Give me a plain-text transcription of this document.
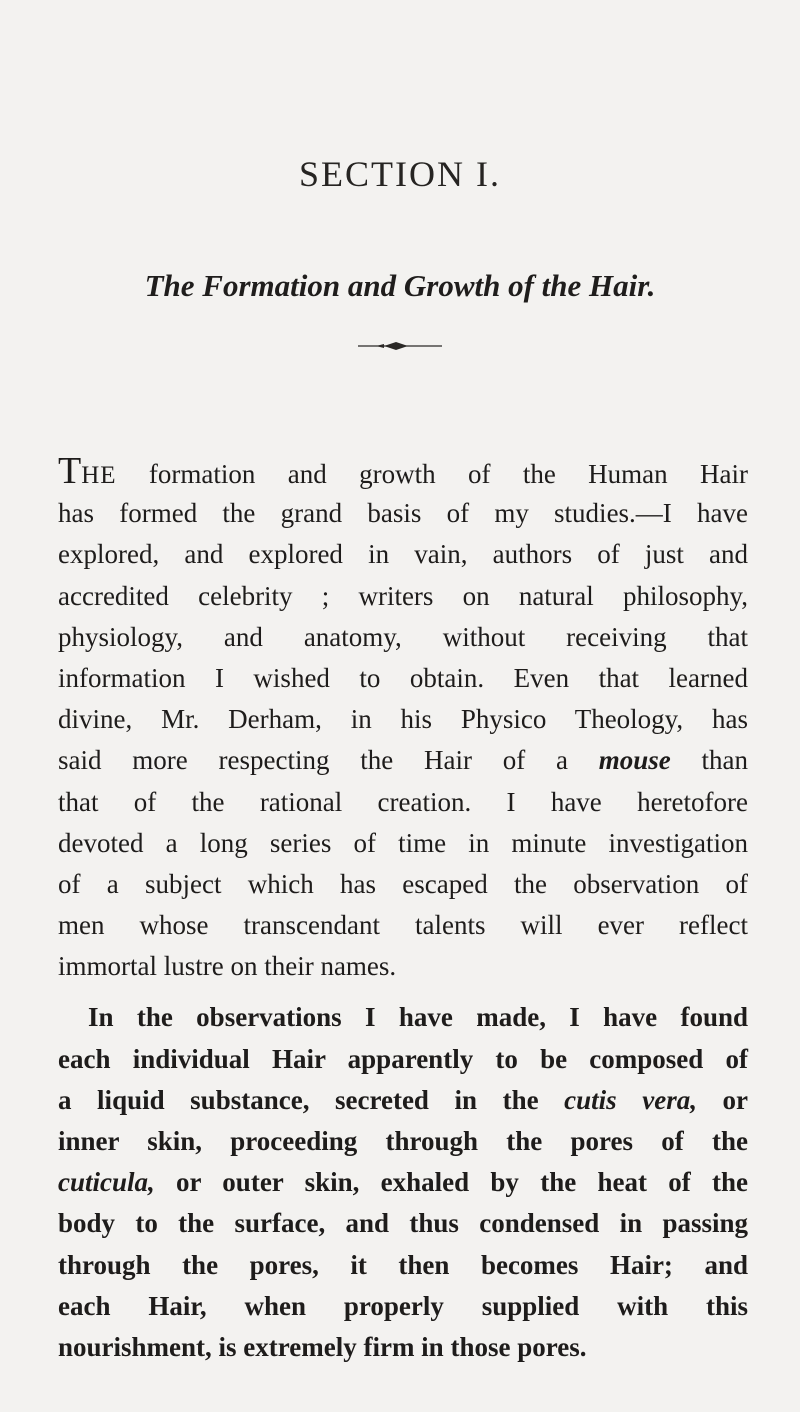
SECTION I.
The Formation and Growth of the Hair.
THE formation and growth of the Human Hair
has formed the grand basis of my studies.—I have
explored, and explored in vain, authors of just and
accredited celebrity ; writers on natural philosophy,
physiology, and anatomy, without receiving that
information I wished to obtain. Even that learned
divine, Mr. Derham, in his Physico Theology, has
said more respecting the Hair of a mouse than
that of the rational creation. I have heretofore
devoted a long series of time in minute investigation
of a subject which has escaped the observation of
men whose transcendant talents will ever reflect
immortal lustre on their names.
In the observations I have made, I have found
each individual Hair apparently to be composed of
a liquid substance, secreted in the cutis vera, or
inner skin, proceeding through the pores of the
cuticula, or outer skin, exhaled by the heat of the
body to the surface, and thus condensed in passing
through the pores, it then becomes Hair; and
each Hair, when properly supplied with this
nourishment, is extremely firm in those pores.
